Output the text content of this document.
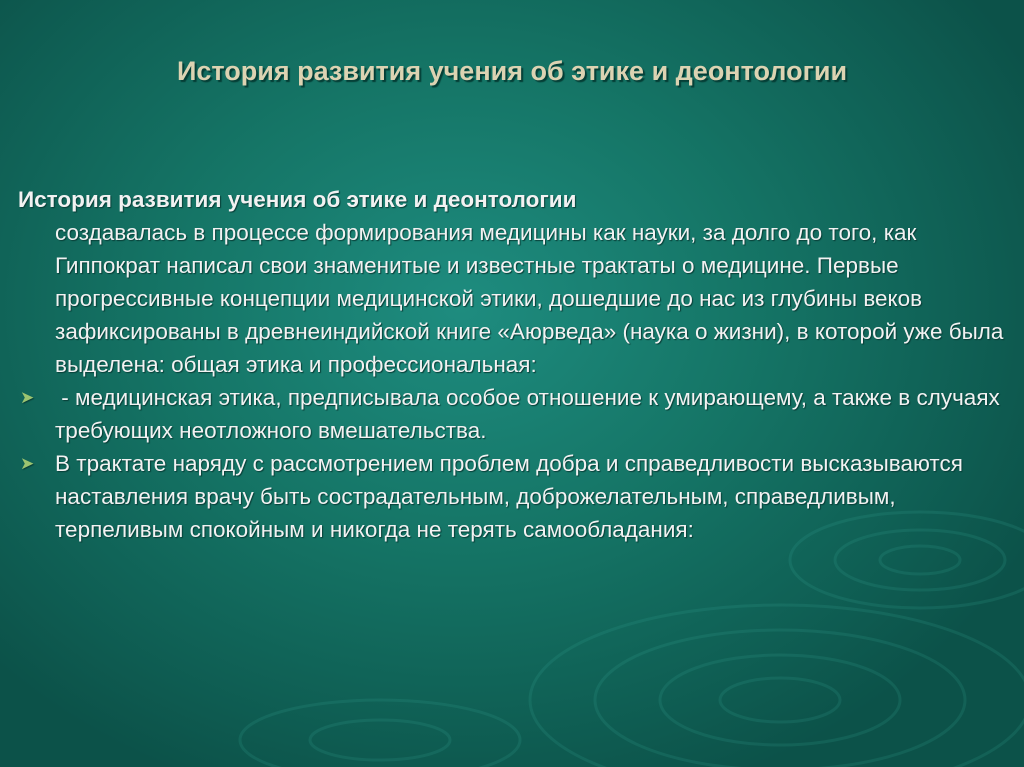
История развития учения об этике и деонтологии

История развития учения об этике и деонтологии

создавалась в процессе формирования медицины как науки, за долго до того, как Гиппократ написал свои знаменитые и известные трактаты о медицине. Первые прогрессивные концепции медицинской этики, дошедшие до нас из глубины веков зафиксированы в древнеиндийской книге «Аюрведа» (наука о жизни), в которой уже была выделена: общая этика и профессиональная:

➤ - медицинская этика, предписывала особое отношение к умирающему, а также в случаях требующих неотложного вмешательства.

➤ В трактате наряду с рассмотрением проблем добра и справедливости высказываются наставления врачу быть сострадательным, доброжелательным, справедливым, терпеливым спокойным и никогда не терять самообладания:
